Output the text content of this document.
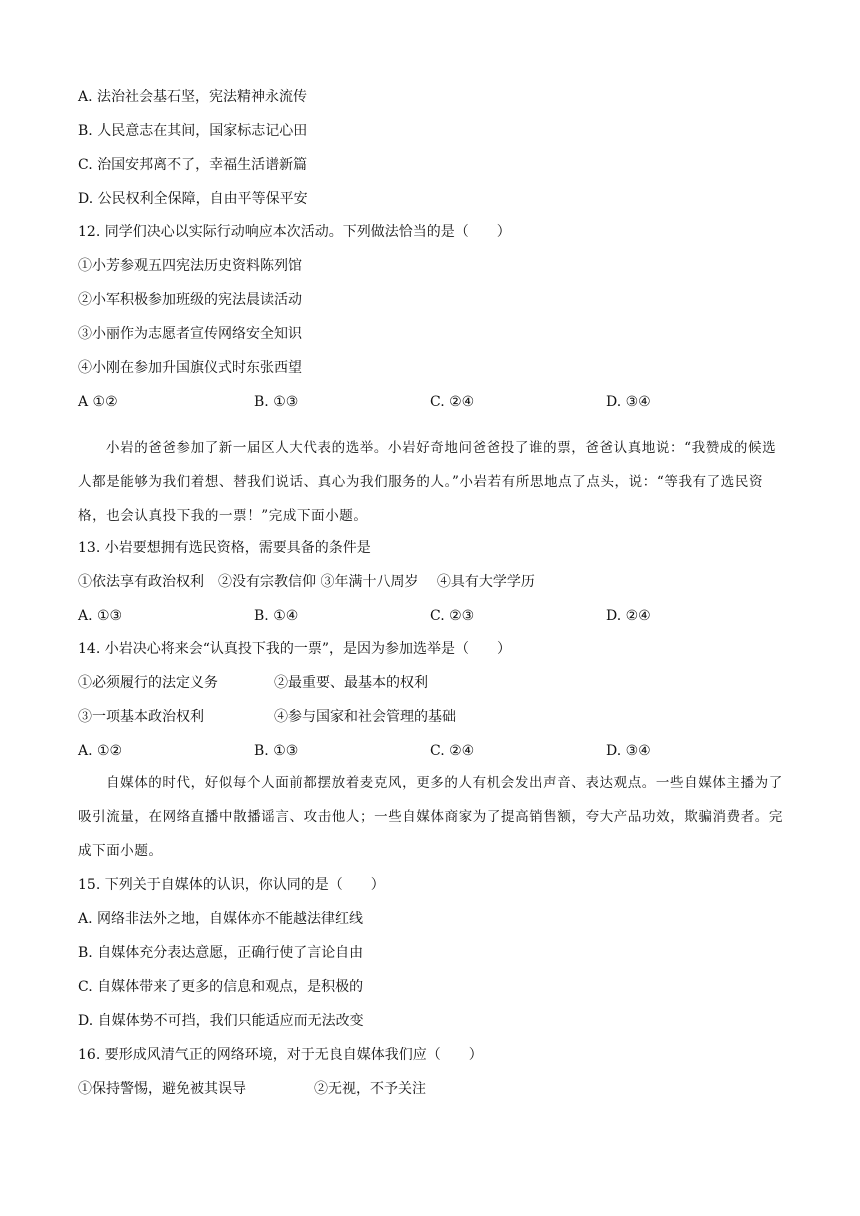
A. 法治社会基石坚，宪法精神永流传
B. 人民意志在其间，国家标志记心田
C. 治国安邦离不了，幸福生活谱新篇
D. 公民权利全保障，自由平等保平安
12. 同学们决心以实际行动响应本次活动。下列做法恰当的是（　　）
①小芳参观五四宪法历史资料陈列馆
②小军积极参加班级的宪法晨读活动
③小丽作为志愿者宣传网络安全知识
④小刚在参加升国旗仪式时东张西望
A ①②	B. ①③	C. ②④	D. ③④
小岩的爸爸参加了新一届区人大代表的选举。小岩好奇地问爸爸投了谁的票，爸爸认真地说：“我赞成的候选人都是能够为我们着想、替我们说话、真心为我们服务的人。”小岩若有所思地点了点头，说：“等我有了选民资格，也会认真投下我的一票！”完成下面小题。
13. 小岩要想拥有选民资格，需要具备的条件是
①依法享有政治权利　②没有宗教信仰 ③年满十八周岁　 ④具有大学学历
A. ①③	B. ①④	C. ②③	D. ②④
14. 小岩决心将来会“认真投下我的一票”，是因为参加选举是（　　）
①必须履行的法定义务	②最重要、最基本的权利
③一项基本政治权利	④参与国家和社会管理的基础
A. ①②	B. ①③	C. ②④	D. ③④
自媒体的时代，好似每个人面前都摆放着麦克风，更多的人有机会发出声音、表达观点。一些自媒体主播为了吸引流量，在网络直播中散播谣言、攻击他人；一些自媒体商家为了提高销售额，夸大产品功效，欺骗消费者。完成下面小题。
15. 下列关于自媒体的认识，你认同的是（　　）
A. 网络非法外之地，自媒体亦不能越法律红线
B. 自媒体充分表达意愿，正确行使了言论自由
C. 自媒体带来了更多的信息和观点，是积极的
D. 自媒体势不可挡，我们只能适应而无法改变
16. 要形成风清气正的网络环境，对于无良自媒体我们应（　　）
①保持警惕，避免被其误导	②无视，不予关注
